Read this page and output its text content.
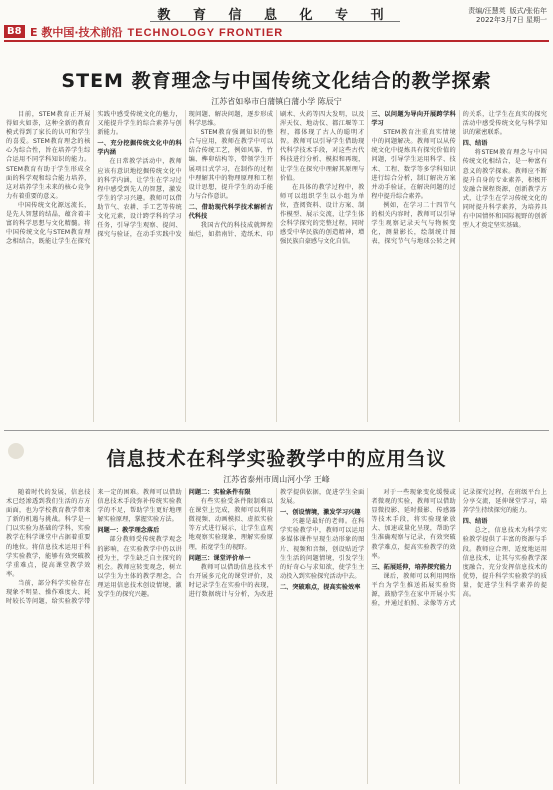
教 育 信 息 化 专 刊
B8 E 教中国·技术前沿 TECHNOLOGY FRONTIER
责编/汪慧英 版式/张佑年
2022年3月7日 星期一
STEM 教育理念与中国传统文化结合的教学探索
江苏省如皋市白蒲镇白蒲小学 陈辰宁

目前，STEM教育正开展得如火如荼，这种全新的教育模式得到了家长的认可和学生的喜爱。STEM教育理念的核心为综合性，旨在培养学生综合运用不同学科知识的能力。STEM教育有助于学生形成全面的科学观和综合能力培养，这对培养学生未来的核心竞争力有着重要的意义。

中国传统文化源远流长，是先人智慧的结晶，蕴含着丰富的科学思想与文化精髓。将中国传统文化与STEM教育理念相结合，既能让学生在探究实践中感受传统文化的魅力，又能提升学生的综合素养与创新能力。

一、充分挖掘传统文化中的科学内涵

在日常教学活动中，教师应该有意识地挖掘传统文化中的科学内涵，让学生在学习过程中感受到先人的智慧，激发学生的学习兴趣。教师可以借助节气、农耕、手工艺等传统文化元素，设计跨学科的学习任务，引导学生观察、提问、探究与验证，在动手实践中发现问题、解决问题，逐步形成科学思维。

STEM教育强调知识的整合与应用，教师在教学中可以结合传统工艺，例如风筝、竹编、榫卯结构等，带领学生开展项目式学习，在制作的过程中理解其中的物理原理和工程设计思想，提升学生的动手能力与合作意识。

二、借助现代科学技术解析古代科技

我国古代的科技成就辉煌灿烂，如指南针、造纸术、印刷术、火药等四大发明，以及浑天仪、地动仪、都江堰等工程，都体现了古人的聪明才智。教师可以引导学生借助现代科学技术手段，对这些古代科技进行分析、模拟和再现，让学生在探究中理解其原理与价值。

在具体的教学过程中，教师可以组织学生以小组为单位，查阅资料、设计方案、制作模型、展示交流，让学生体会科学探究的完整过程，同时感受中华民族的创造精神，增强民族自豪感与文化自信。

三、以问题为导向开展跨学科学习

STEM教育注重真实情境中的问题解决。教师可以从传统文化中提炼具有探究价值的问题，引导学生运用科学、技术、工程、数学等多学科知识进行综合分析，制订解决方案并动手验证，在解决问题的过程中提升综合素养。

例如，在学习二十四节气的相关内容时，教师可以引导学生观察记录天气与物候变化，测量影长，绘制统计图表，探究节气与地球公转之间的关系，让学生在真实的探究活动中感受传统文化与科学知识的紧密联系。

四、结语

将STEM教育理念与中国传统文化相结合，是一种富有意义的教学探索。教师应不断提升自身的专业素养，积极开发融合课程资源，创新教学方式，让学生在学习传统文化的同时提升科学素养，为培养具有中国情怀和国际视野的创新型人才奠定坚实基础。

信息技术在科学实验教学中的应用刍议
江苏省泰州市周山河小学 王峰

随着时代的发展，信息技术已经渗透到我们生活的方方面面，也为学校教育教学带来了新的机遇与挑战。科学是一门以实验为基础的学科，实验教学在科学课堂中占据着重要的地位。将信息技术运用于科学实验教学，能够有效突破教学重难点，提高课堂教学效率。

当前，部分科学实验存在现象不明显、操作难度大、耗时较长等问题，给实验教学带来一定的困难。教师可以借助信息技术手段弥补传统实验教学的不足，帮助学生更好地理解实验原理，掌握实验方法。

问题一：教学理念落后

部分教师受传统教学观念的影响，在实验教学中仍以讲授为主，学生缺乏自主探究的机会。教师应转变观念，树立以学生为主体的教学理念，合理运用信息技术创设情境，激发学生的探究兴趣。

问题二：实验条件有限

有些实验受条件限制难以在课堂上完成，教师可以利用微视频、动画模拟、虚拟实验等方式进行展示，让学生直观地观察实验现象，理解实验原理，拓宽学生的视野。

问题三：课堂评价单一

教师可以借助信息技术平台开展多元化的课堂评价，及时记录学生在实验中的表现，进行数据统计与分析，为改进教学提供依据，促进学生全面发展。

一、创设情境，激发学习兴趣

兴趣是最好的老师。在科学实验教学中，教师可以运用多媒体课件呈现生动形象的图片、视频和音频，创设贴近学生生活的问题情境，引发学生的好奇心与求知欲，使学生主动投入到实验探究活动中去。

二、突破难点，提高实验效率

对于一些现象变化缓慢或者微观的实验，教师可以借助显微投影、延时摄影、传感器等技术手段，将实验现象放大、加速或量化呈现，帮助学生准确观察与记录，有效突破教学难点，提高实验教学的效率。

三、拓展延伸，培养探究能力

课后，教师可以利用网络平台为学生推送拓展实验资源，鼓励学生在家中开展小实验，并通过拍照、录像等方式记录探究过程，在班级平台上分享交流，延伸课堂学习，培养学生持续探究的能力。

四、结语

总之，信息技术为科学实验教学提供了丰富的资源与手段。教师应合理、适度地运用信息技术，让其与实验教学深度融合，充分发挥信息技术的优势，提升科学实验教学的质量，促进学生科学素养的提高。
